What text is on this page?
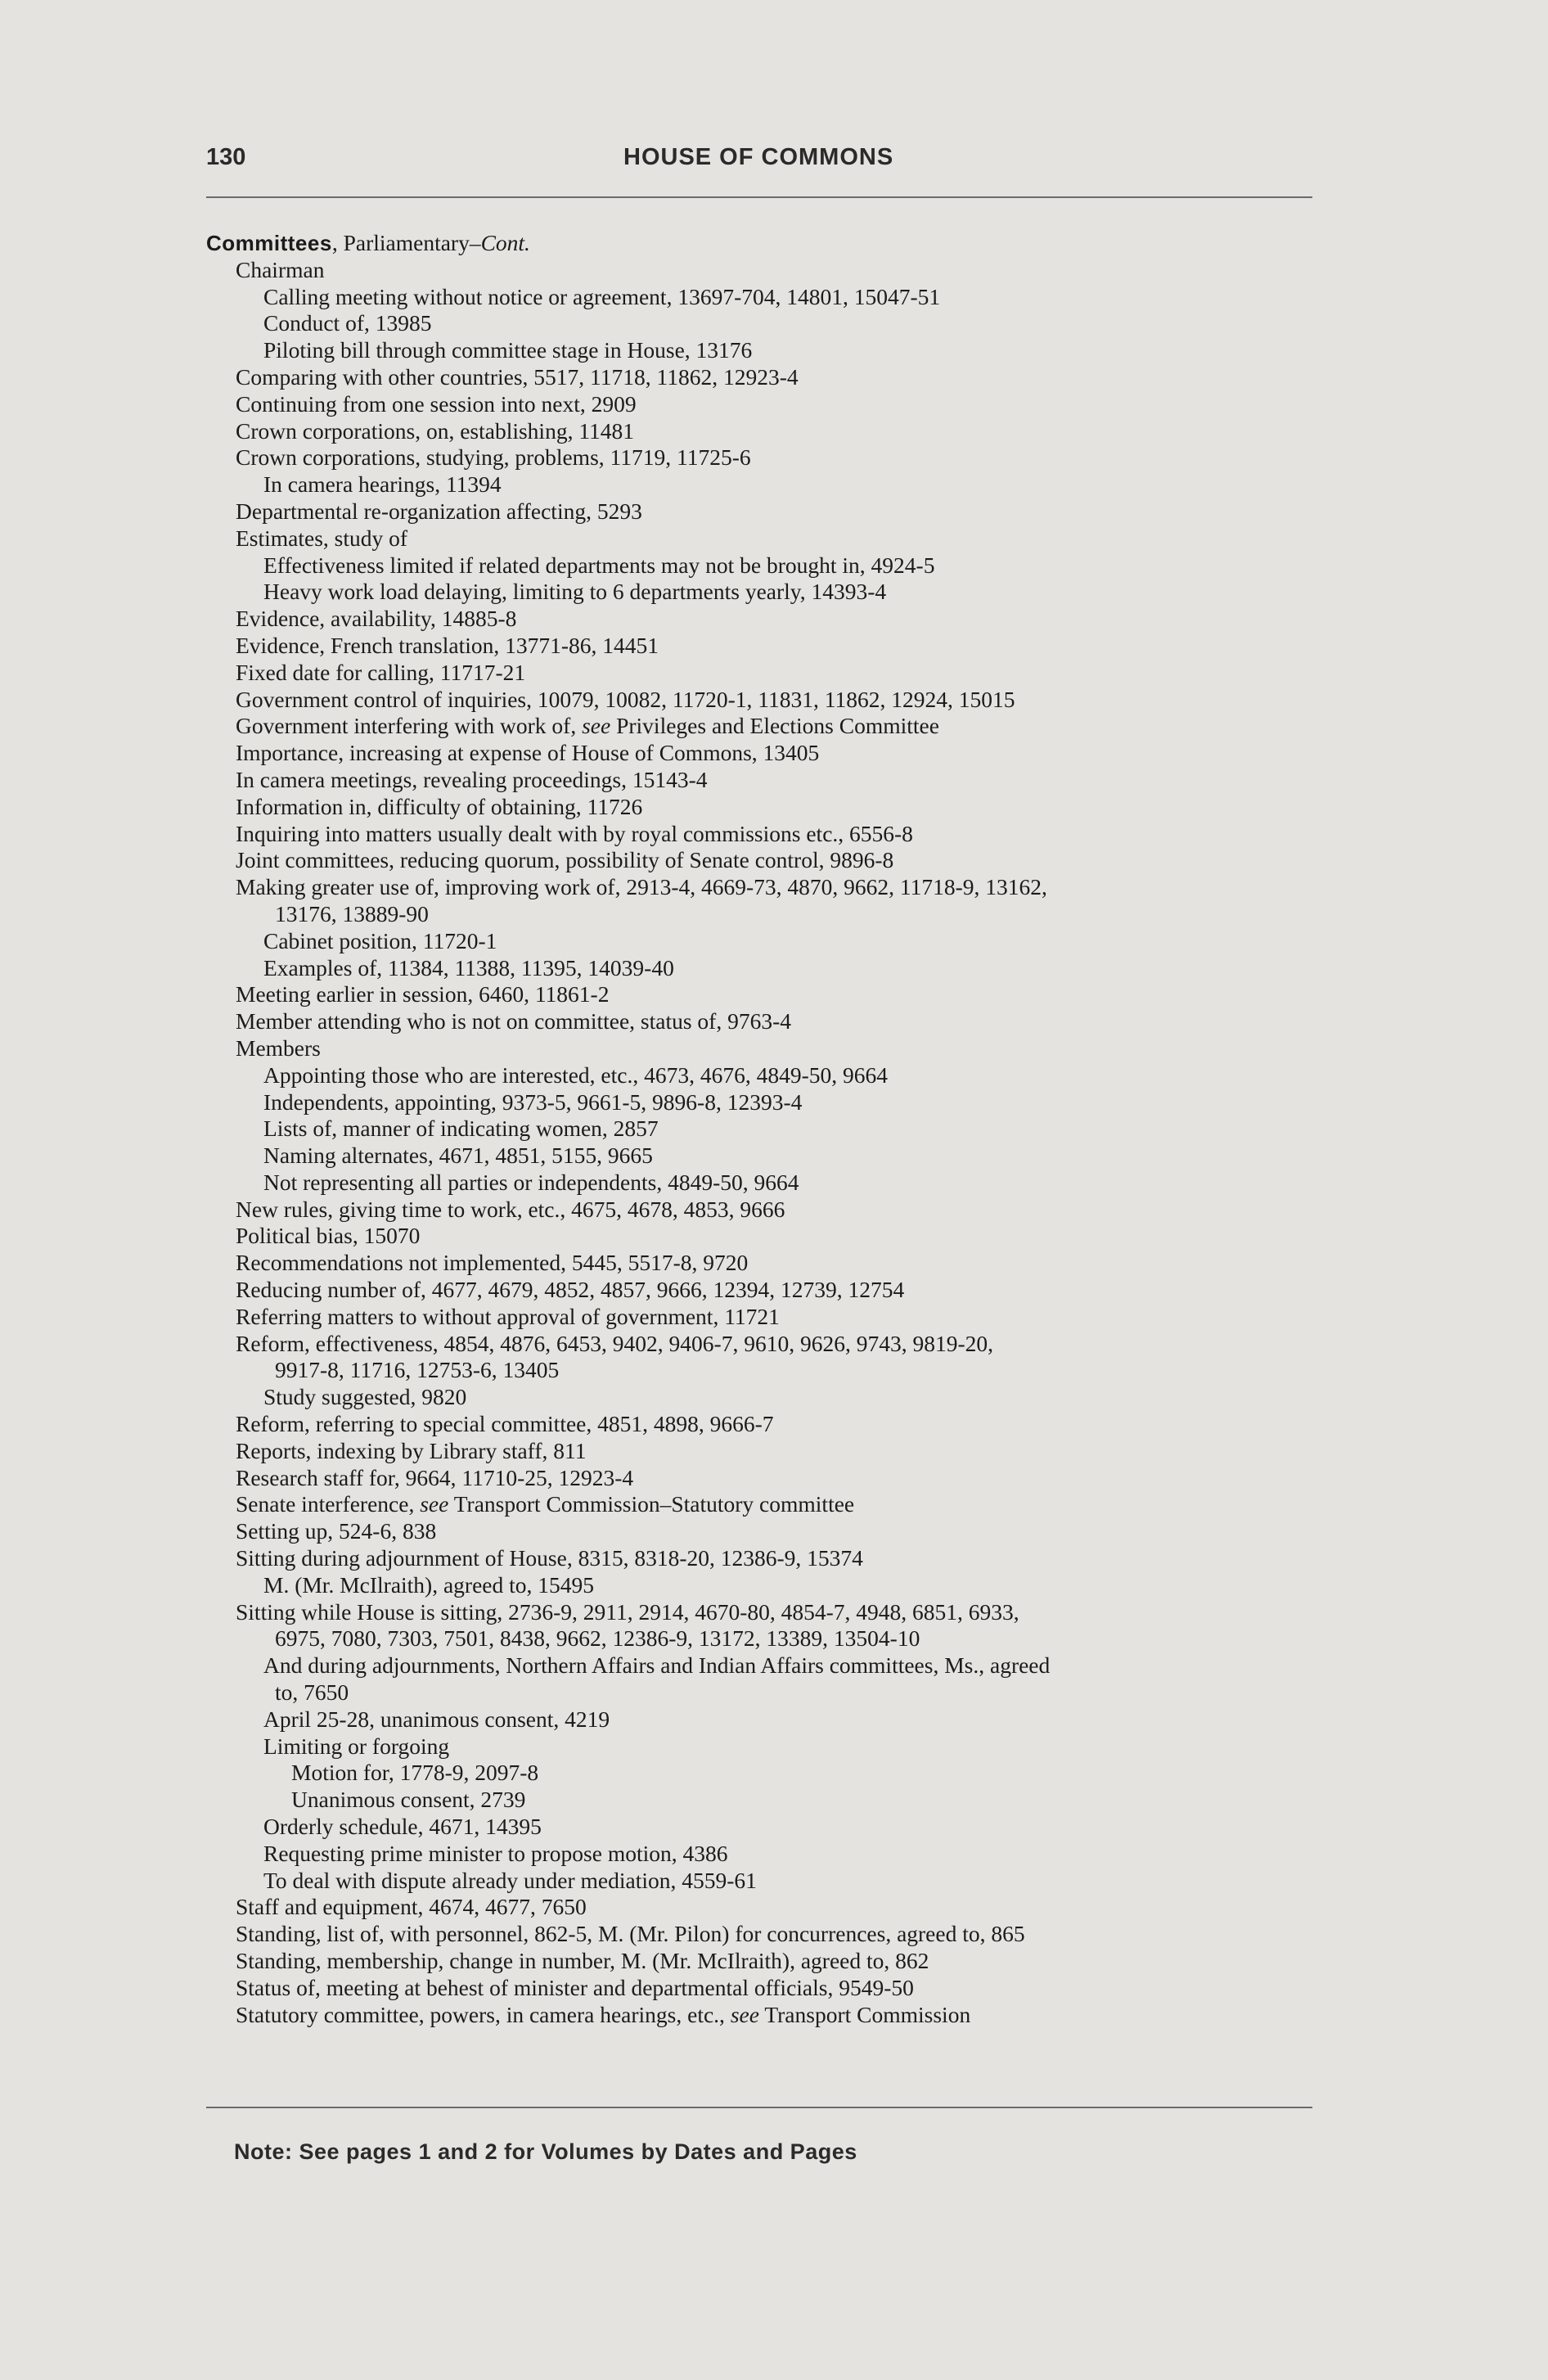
130	HOUSE OF COMMONS
Committees, Parliamentary–Cont.
Chairman
Calling meeting without notice or agreement, 13697-704, 14801, 15047-51
Conduct of, 13985
Piloting bill through committee stage in House, 13176
Comparing with other countries, 5517, 11718, 11862, 12923-4
Continuing from one session into next, 2909
Crown corporations, on, establishing, 11481
Crown corporations, studying, problems, 11719, 11725-6
In camera hearings, 11394
Departmental re-organization affecting, 5293
Estimates, study of
Effectiveness limited if related departments may not be brought in, 4924-5
Heavy work load delaying, limiting to 6 departments yearly, 14393-4
Evidence, availability, 14885-8
Evidence, French translation, 13771-86, 14451
Fixed date for calling, 11717-21
Government control of inquiries, 10079, 10082, 11720-1, 11831, 11862, 12924, 15015
Government interfering with work of, see Privileges and Elections Committee
Importance, increasing at expense of House of Commons, 13405
In camera meetings, revealing proceedings, 15143-4
Information in, difficulty of obtaining, 11726
Inquiring into matters usually dealt with by royal commissions etc., 6556-8
Joint committees, reducing quorum, possibility of Senate control, 9896-8
Making greater use of, improving work of, 2913-4, 4669-73, 4870, 9662, 11718-9, 13162,
13176, 13889-90
Cabinet position, 11720-1
Examples of, 11384, 11388, 11395, 14039-40
Meeting earlier in session, 6460, 11861-2
Member attending who is not on committee, status of, 9763-4
Members
Appointing those who are interested, etc., 4673, 4676, 4849-50, 9664
Independents, appointing, 9373-5, 9661-5, 9896-8, 12393-4
Lists of, manner of indicating women, 2857
Naming alternates, 4671, 4851, 5155, 9665
Not representing all parties or independents, 4849-50, 9664
New rules, giving time to work, etc., 4675, 4678, 4853, 9666
Political bias, 15070
Recommendations not implemented, 5445, 5517-8, 9720
Reducing number of, 4677, 4679, 4852, 4857, 9666, 12394, 12739, 12754
Referring matters to without approval of government, 11721
Reform, effectiveness, 4854, 4876, 6453, 9402, 9406-7, 9610, 9626, 9743, 9819-20,
9917-8, 11716, 12753-6, 13405
Study suggested, 9820
Reform, referring to special committee, 4851, 4898, 9666-7
Reports, indexing by Library staff, 811
Research staff for, 9664, 11710-25, 12923-4
Senate interference, see Transport Commission–Statutory committee
Setting up, 524-6, 838
Sitting during adjournment of House, 8315, 8318-20, 12386-9, 15374
M. (Mr. McIlraith), agreed to, 15495
Sitting while House is sitting, 2736-9, 2911, 2914, 4670-80, 4854-7, 4948, 6851, 6933,
6975, 7080, 7303, 7501, 8438, 9662, 12386-9, 13172, 13389, 13504-10
And during adjournments, Northern Affairs and Indian Affairs committees, Ms., agreed
to, 7650
April 25-28, unanimous consent, 4219
Limiting or forgoing
Motion for, 1778-9, 2097-8
Unanimous consent, 2739
Orderly schedule, 4671, 14395
Requesting prime minister to propose motion, 4386
To deal with dispute already under mediation, 4559-61
Staff and equipment, 4674, 4677, 7650
Standing, list of, with personnel, 862-5, M. (Mr. Pilon) for concurrences, agreed to, 865
Standing, membership, change in number, M. (Mr. McIlraith), agreed to, 862
Status of, meeting at behest of minister and departmental officials, 9549-50
Statutory committee, powers, in camera hearings, etc., see Transport Commission
Note: See pages 1 and 2 for Volumes by Dates and Pages
